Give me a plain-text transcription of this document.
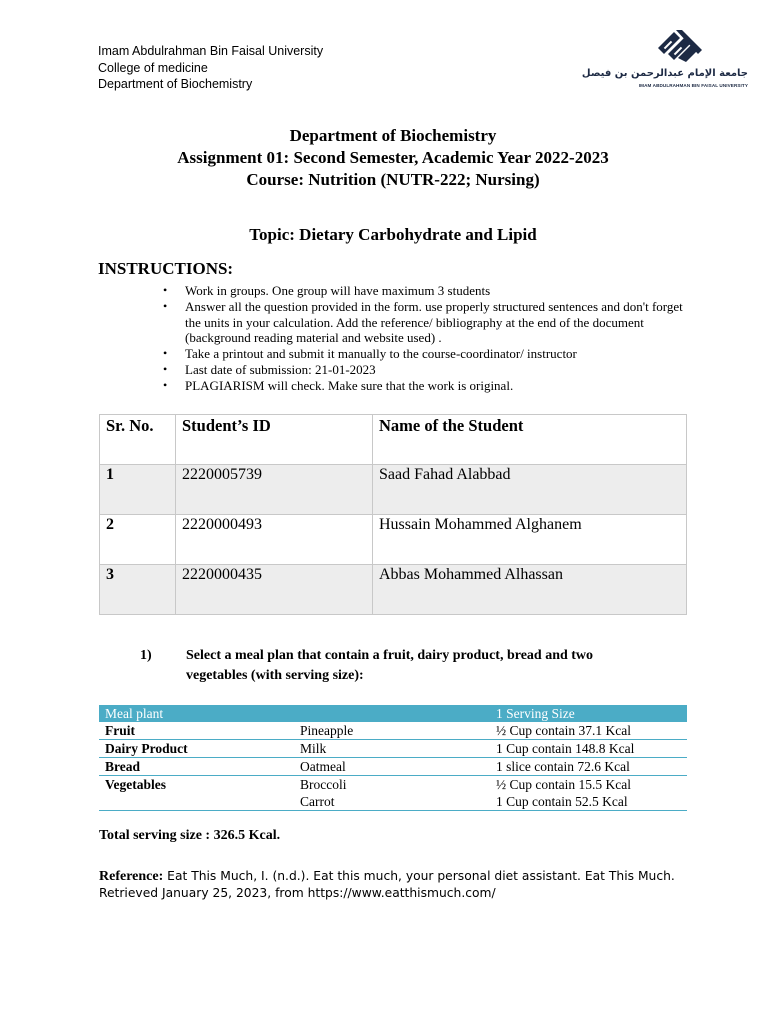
Imam Abdulrahman Bin Faisal University
College of medicine
Department of Biochemistry
جامعة الإمام عبدالرحمن بن فيصل
IMAM ABDULRAHMAN BIN FAISAL UNIVERSITY
Department of Biochemistry
Assignment 01: Second Semester, Academic Year 2022-2023
Course: Nutrition (NUTR-222; Nursing)
Topic: Dietary Carbohydrate and Lipid
INSTRUCTIONS:
• Work in groups. One group will have maximum 3 students
• Answer all the question provided in the form. use properly structured sentences and don't forget the units in your calculation. Add the reference/ bibliography at the end of the document (background reading material and website used) .
• Take a printout and submit it manually to the course-coordinator/ instructor
• Last date of submission: 21-01-2023
• PLAGIARISM will check. Make sure that the work is original.
Sr. No.	Student’s ID	Name of the Student
1	2220005739	Saad Fahad Alabbad
2	2220000493	Hussain Mohammed Alghanem
3	2220000435	Abbas Mohammed Alhassan
1) Select a meal plan that contain a fruit, dairy product, bread and two vegetables (with serving size):
Meal plant		1 Serving Size
Fruit	Pineapple	½ Cup contain 37.1 Kcal
Dairy Product	Milk	1 Cup contain 148.8 Kcal
Bread	Oatmeal	1 slice contain 72.6 Kcal
Vegetables	Broccoli	½ Cup contain 15.5 Kcal
	Carrot	1 Cup contain 52.5 Kcal
Total serving size : 326.5 Kcal.
Reference: Eat This Much, I. (n.d.). Eat this much, your personal diet assistant. Eat This Much. Retrieved January 25, 2023, from https://www.eatthismuch.com/
